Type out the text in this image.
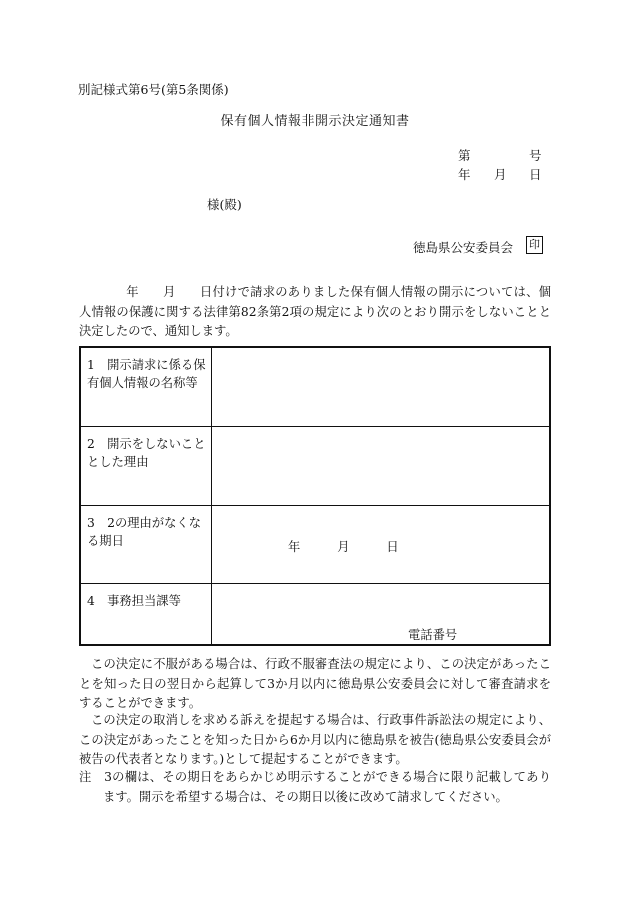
別記様式第6号(第5条関係)
保有個人情報非開示決定通知書
第	号
年 月 日
様(殿)
徳島県公安委員会 印
年 月 日付けで請求のありました保有個人情報の開示については、個人情報の保護に関する法律第82条第2項の規定により次のとおり開示をしないことと決定したので、通知します。
1　開示請求に係る保有個人情報の名称等	
2　開示をしないこととした理由	
3　2の理由がなくなる期日	年　　　月　　　日

4　事務担当課等	電話番号
この決定に不服がある場合は、行政不服審査法の規定により、この決定があったことを知った日の翌日から起算して3か月以内に徳島県公安委員会に対して審査請求をすることができます。
この決定の取消しを求める訴えを提起する場合は、行政事件訴訟法の規定により、この決定があったことを知った日から6か月以内に徳島県を被告(徳島県公安委員会が被告の代表者となります。)として提起することができます。
注　3の欄は、その期日をあらかじめ明示することができる場合に限り記載してあります。開示を希望する場合は、その期日以後に改めて請求してください。
